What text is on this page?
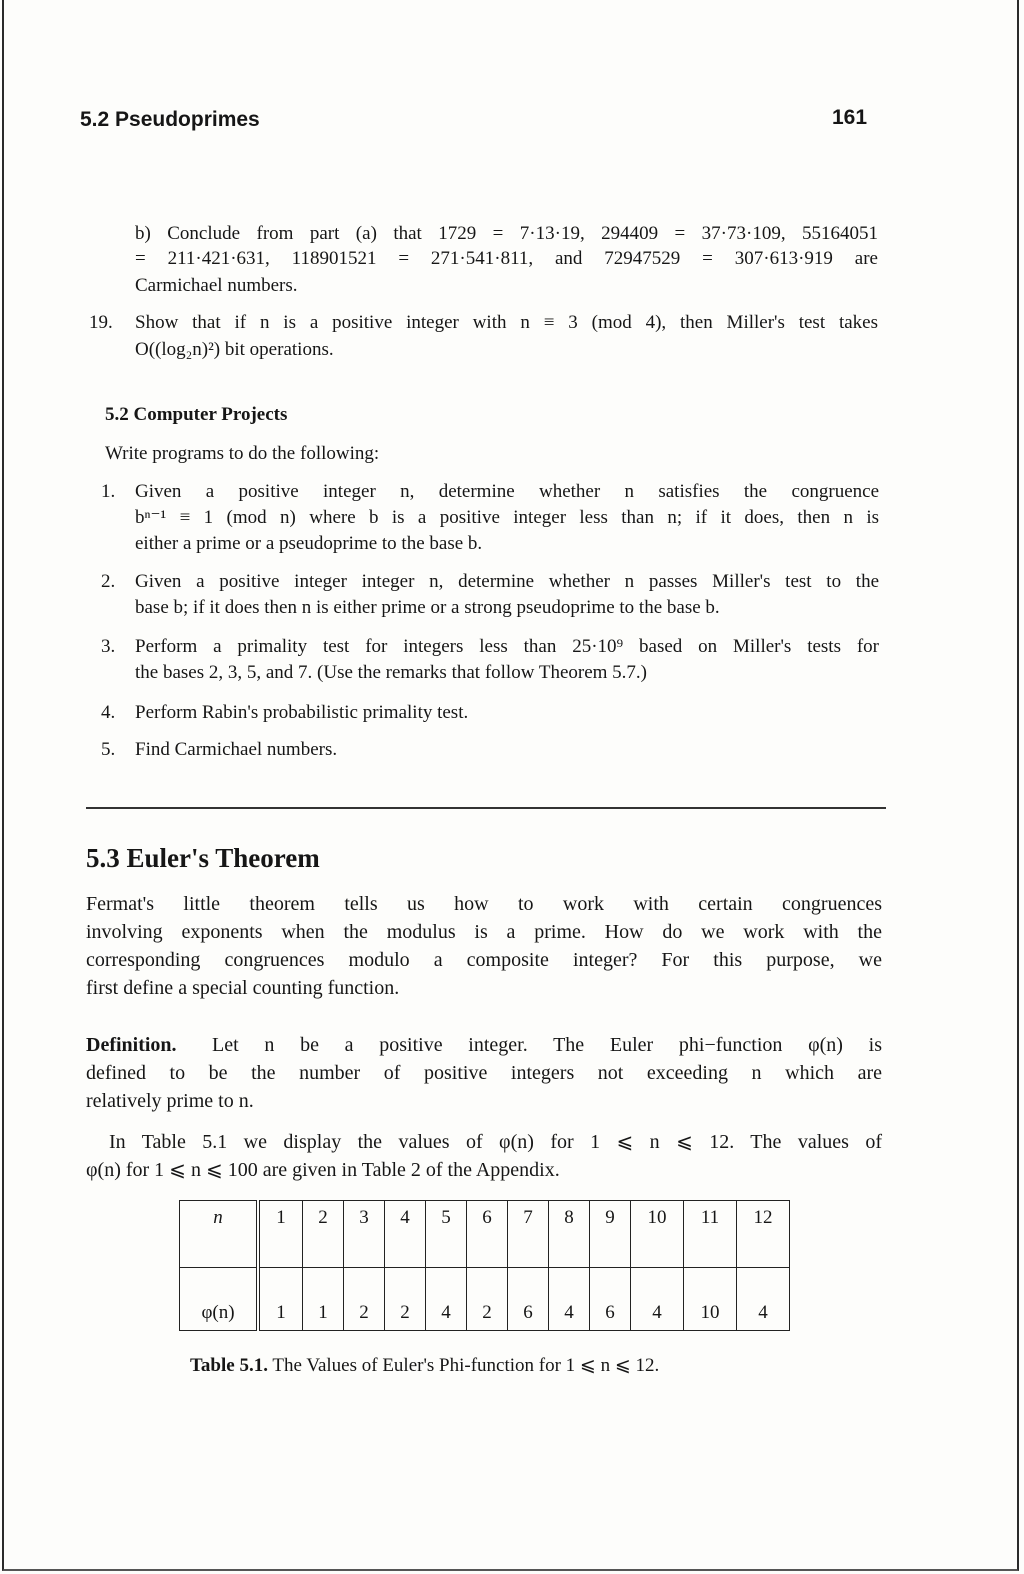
5.2 Pseudoprimes	161
b) Conclude from part (a) that 1729 = 7·13·19, 294409 = 37·73·109, 55164051
= 211·421·631, 118901521 = 271·541·811, and 72947529 = 307·613·919 are
Carmichael numbers.
19. Show that if n is a positive integer with n ≡ 3 (mod 4), then Miller's test takes
O((log₂n)²) bit operations.
5.2 Computer Projects
Write programs to do the following:
1. Given a positive integer n, determine whether n satisfies the congruence
bⁿ⁻¹ ≡ 1 (mod n) where b is a positive integer less than n; if it does, then n is
either a prime or a pseudoprime to the base b.
2. Given a positive integer integer n, determine whether n passes Miller's test to the
base b; if it does then n is either prime or a strong pseudoprime to the base b.
3. Perform a primality test for integers less than 25·10⁹ based on Miller's tests for
the bases 2, 3, 5, and 7. (Use the remarks that follow Theorem 5.7.)
4. Perform Rabin's probabilistic primality test.
5. Find Carmichael numbers.
5.3 Euler's Theorem
Fermat's little theorem tells us how to work with certain congruences
involving exponents when the modulus is a prime. How do we work with the
corresponding congruences modulo a composite integer? For this purpose, we
first define a special counting function.
Definition. Let n be a positive integer. The Euler phi−function φ(n) is
defined to be the number of positive integers not exceeding n which are
relatively prime to n.
In Table 5.1 we display the values of φ(n) for 1 ⩽ n ⩽ 12. The values of
φ(n) for 1 ⩽ n ⩽ 100 are given in Table 2 of the Appendix.
n	1	2	3	4	5	6	7	8	9	10	11	12
φ(n)	1	1	2	2	4	2	6	4	6	4	10	4
Table 5.1. The Values of Euler's Phi-function for 1 ⩽ n ⩽ 12.
